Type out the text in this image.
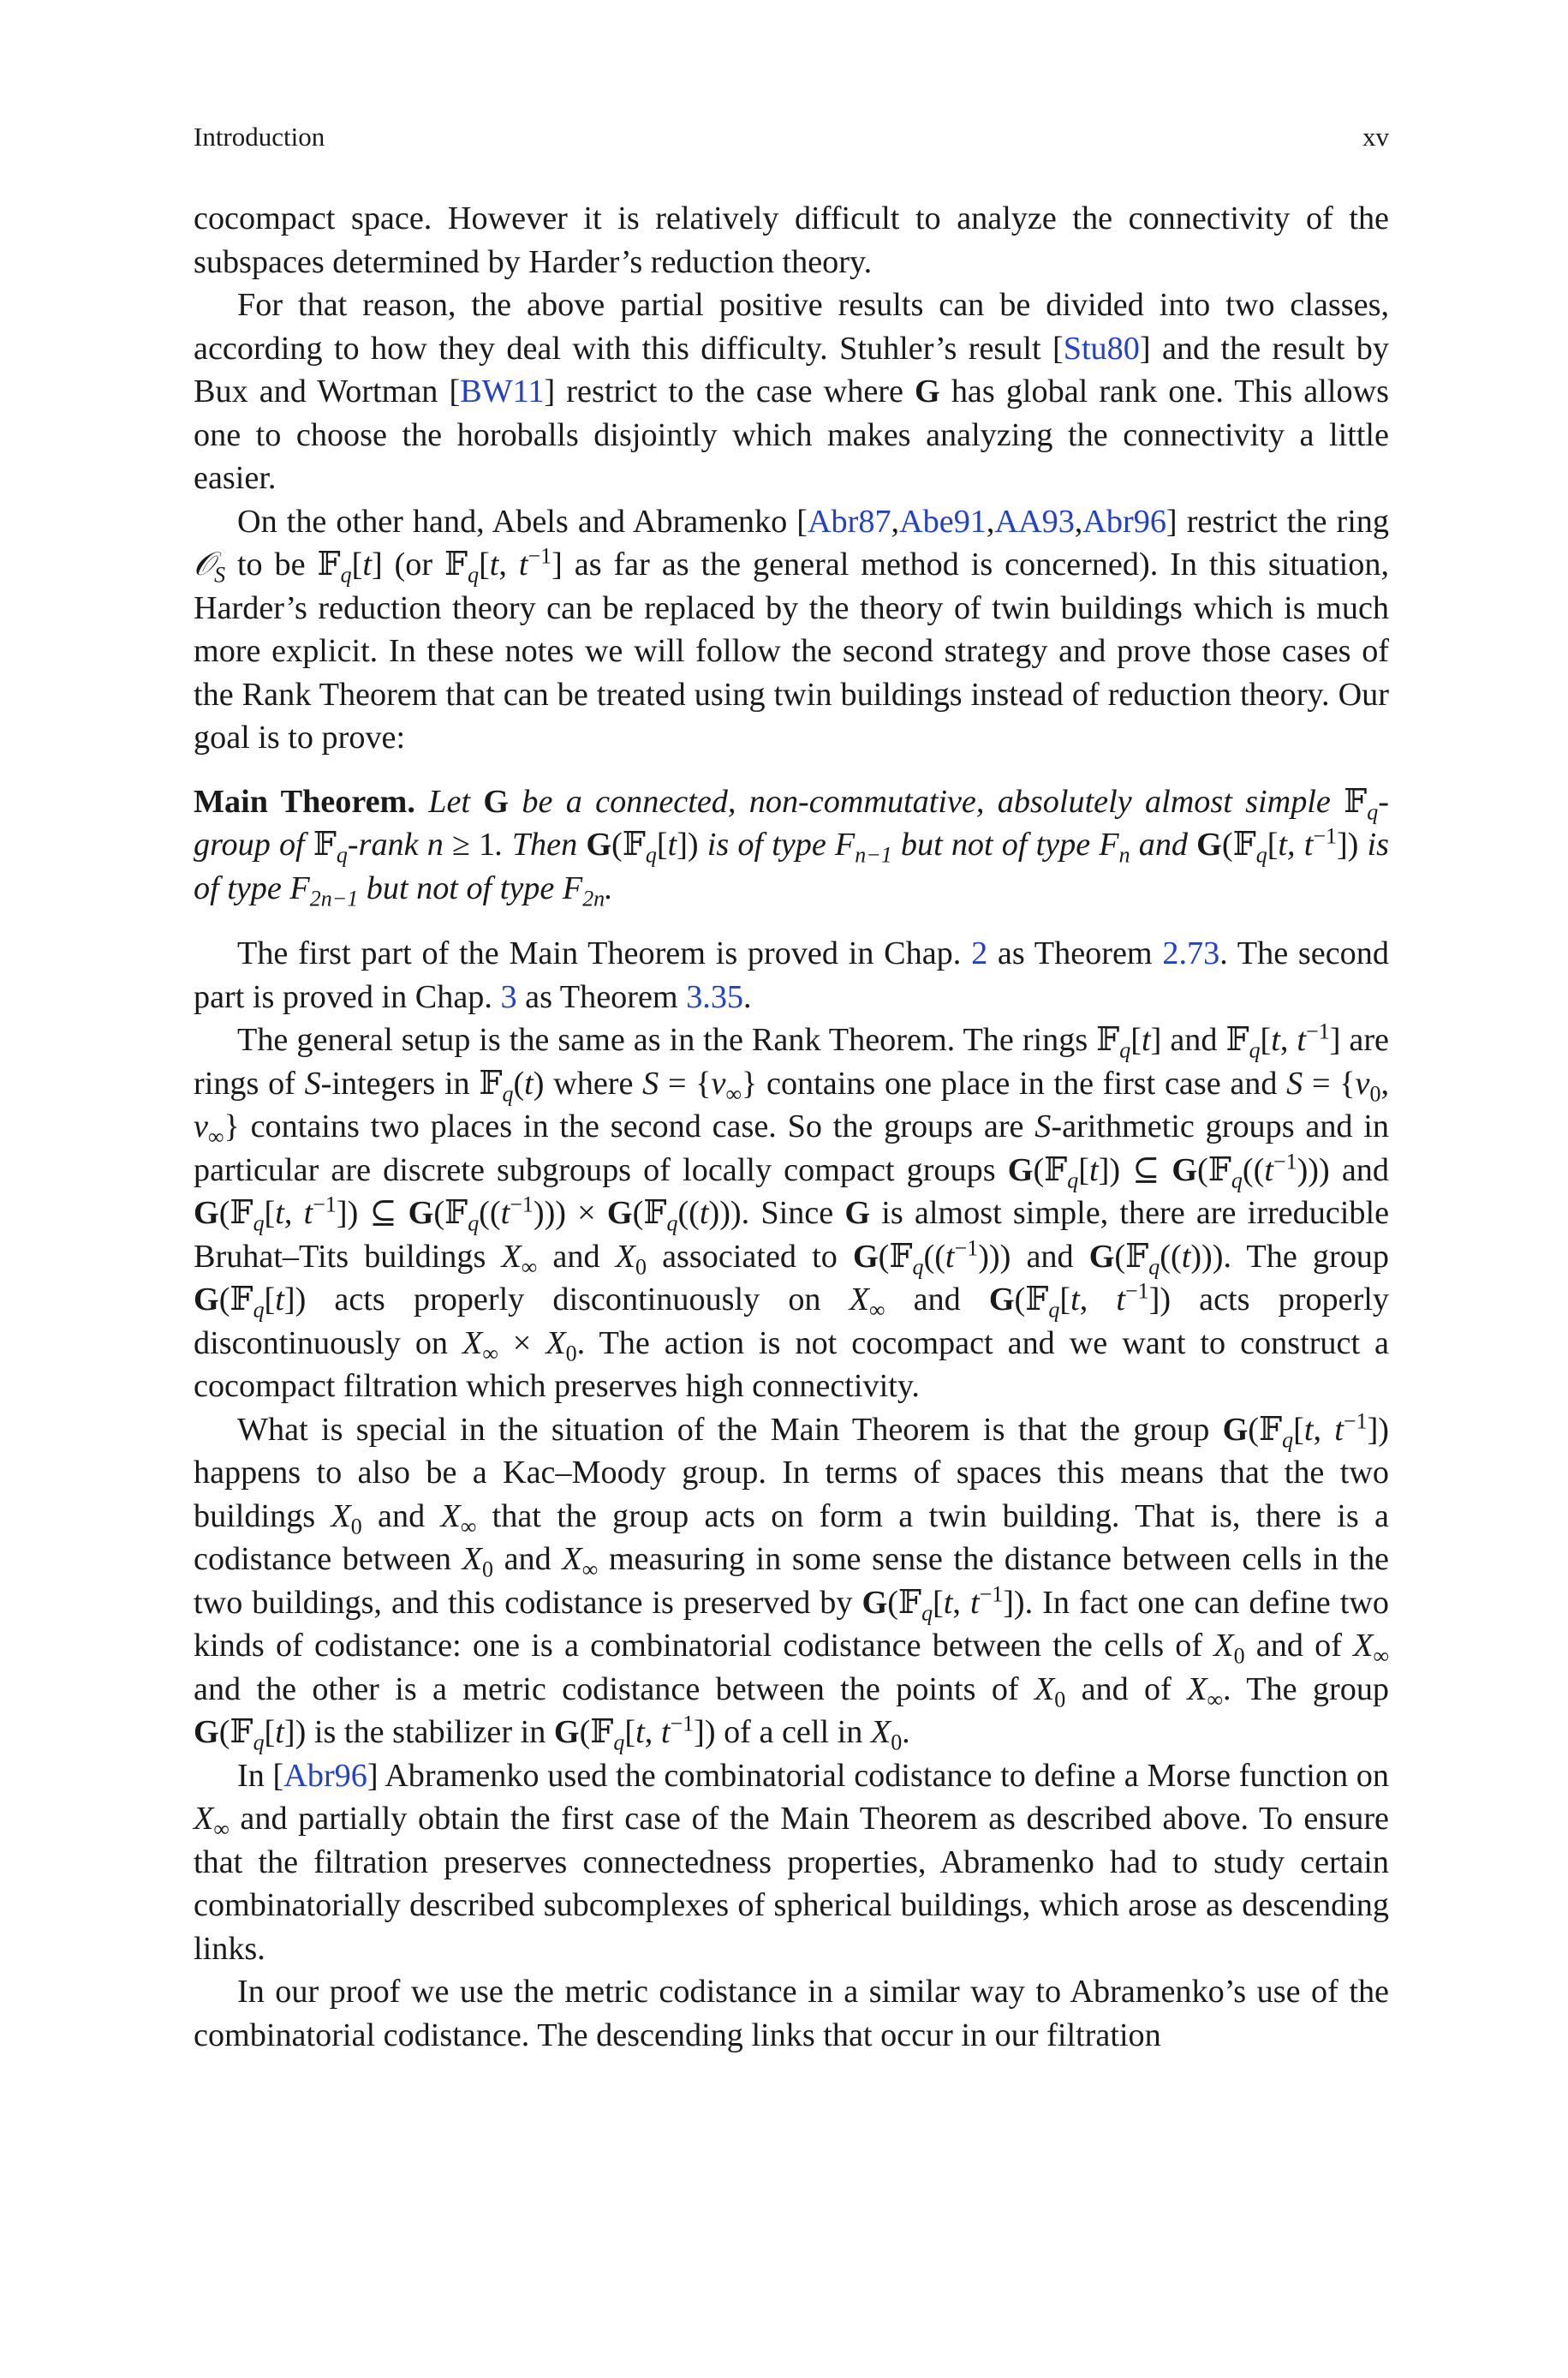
Introduction	xv

cocompact space. However it is relatively difficult to analyze the connectivity of the subspaces determined by Harder’s reduction theory.

For that reason, the above partial positive results can be divided into two classes, according to how they deal with this difficulty. Stuhler’s result [Stu80] and the result by Bux and Wortman [BW11] restrict to the case where G has global rank one. This allows one to choose the horoballs disjointly which makes analyzing the connectivity a little easier.

On the other hand, Abels and Abramenko [Abr87,Abe91,AA93,Abr96] restrict the ring 𝒪$_S$ to be 𝔽$_q$[t] (or 𝔽$_q$[t, $t^{-1}$] as far as the general method is concerned). In this situation, Harder’s reduction theory can be replaced by the theory of twin buildings which is much more explicit. In these notes we will follow the second strategy and prove those cases of the Rank Theorem that can be treated using twin buildings instead of reduction theory. Our goal is to prove:

Main Theorem. Let G be a connected, non-commutative, absolutely almost simple 𝔽$_q$-group of 𝔽$_q$-rank n ≥ 1. Then G(𝔽$_q$[t]) is of type $F_{n-1}$ but not of type $F_n$ and G(𝔽$_q$[t, $t^{-1}$]) is of type $F_{2n-1}$ but not of type $F_{2n}$.

The first part of the Main Theorem is proved in Chap. 2 as Theorem 2.73. The second part is proved in Chap. 3 as Theorem 3.35.

The general setup is the same as in the Rank Theorem. The rings 𝔽$_q$[t] and 𝔽$_q$[t, $t^{-1}$] are rings of S-integers in 𝔽$_q$(t) where $S = \{v_\infty\}$ contains one place in the first case and $S = \{v_0$, $v_\infty$} contains two places in the second case. So the groups are S-arithmetic groups and in particular are discrete subgroups of locally compact groups G(𝔽$_q$[t]) ⊆ $G(𝔽_q((t^{-1})))$ and G(𝔽$_q$[t, $t^{-1}$]) ⊆ $G(𝔽_q((t^{-1})))$ × G(𝔽$_q$((t))). Since G is almost simple, there are irreducible Bruhat–Tits buildings $X_\infty$ and $X_0$ associated to $G(𝔽_q((t^{-1})))$ and G(𝔽$_q$((t))). The group G(𝔽$_q$[t]) acts properly discontinuously on $X_\infty$ and G(𝔽$_q$[t, $t^{-1}$]) acts properly discontinuously on $X_\infty \times X_0$. The action is not cocompact and we want to construct a cocompact filtration which preserves high connectivity.

What is special in the situation of the Main Theorem is that the group G(𝔽$_q$[t, $t^{-1}$]) happens to also be a Kac–Moody group. In terms of spaces this means that the two buildings $X_0$ and $X_\infty$ that the group acts on form a twin building. That is, there is a codistance between $X_0$ and $X_\infty$ measuring in some sense the distance between cells in the two buildings, and this codistance is preserved by G(𝔽$_q$[t, $t^{-1}$]). In fact one can define two kinds of codistance: one is a combinatorial codistance between the cells of $X_0$ and of $X_\infty$ and the other is a metric codistance between the points of $X_0$ and of $X_\infty$. The group G(𝔽$_q$[t]) is the stabilizer in G(𝔽$_q$[t, $t^{-1}$]) of a cell in $X_0$.

In [Abr96] Abramenko used the combinatorial codistance to define a Morse function on $X_\infty$ and partially obtain the first case of the Main Theorem as described above. To ensure that the filtration preserves connectedness properties, Abramenko had to study certain combinatorially described subcomplexes of spherical buildings, which arose as descending links.

In our proof we use the metric codistance in a similar way to Abramenko’s use of the combinatorial codistance. The descending links that occur in our filtration
